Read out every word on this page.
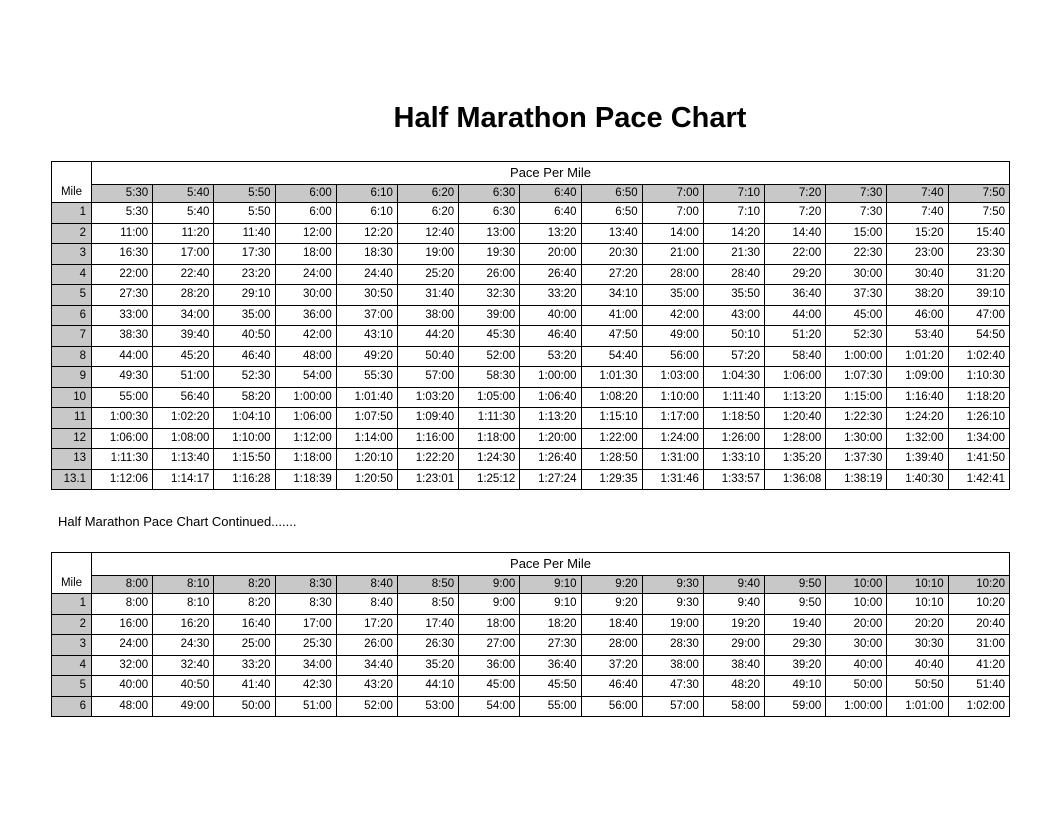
Half Marathon Pace Chart
Mile	Pace Per Mile														
	5:30	5:40	5:50	6:00	6:10	6:20	6:30	6:40	6:50	7:00	7:10	7:20	7:30	7:40	7:50
1	5:30	5:40	5:50	6:00	6:10	6:20	6:30	6:40	6:50	7:00	7:10	7:20	7:30	7:40	7:50
2	11:00	11:20	11:40	12:00	12:20	12:40	13:00	13:20	13:40	14:00	14:20	14:40	15:00	15:20	15:40
3	16:30	17:00	17:30	18:00	18:30	19:00	19:30	20:00	20:30	21:00	21:30	22:00	22:30	23:00	23:30
4	22:00	22:40	23:20	24:00	24:40	25:20	26:00	26:40	27:20	28:00	28:40	29:20	30:00	30:40	31:20
5	27:30	28:20	29:10	30:00	30:50	31:40	32:30	33:20	34:10	35:00	35:50	36:40	37:30	38:20	39:10
6	33:00	34:00	35:00	36:00	37:00	38:00	39:00	40:00	41:00	42:00	43:00	44:00	45:00	46:00	47:00
7	38:30	39:40	40:50	42:00	43:10	44:20	45:30	46:40	47:50	49:00	50:10	51:20	52:30	53:40	54:50
8	44:00	45:20	46:40	48:00	49:20	50:40	52:00	53:20	54:40	56:00	57:20	58:40	1:00:00	1:01:20	1:02:40
9	49:30	51:00	52:30	54:00	55:30	57:00	58:30	1:00:00	1:01:30	1:03:00	1:04:30	1:06:00	1:07:30	1:09:00	1:10:30
10	55:00	56:40	58:20	1:00:00	1:01:40	1:03:20	1:05:00	1:06:40	1:08:20	1:10:00	1:11:40	1:13:20	1:15:00	1:16:40	1:18:20
11	1:00:30	1:02:20	1:04:10	1:06:00	1:07:50	1:09:40	1:11:30	1:13:20	1:15:10	1:17:00	1:18:50	1:20:40	1:22:30	1:24:20	1:26:10
12	1:06:00	1:08:00	1:10:00	1:12:00	1:14:00	1:16:00	1:18:00	1:20:00	1:22:00	1:24:00	1:26:00	1:28:00	1:30:00	1:32:00	1:34:00
13	1:11:30	1:13:40	1:15:50	1:18:00	1:20:10	1:22:20	1:24:30	1:26:40	1:28:50	1:31:00	1:33:10	1:35:20	1:37:30	1:39:40	1:41:50
13.1	1:12:06	1:14:17	1:16:28	1:18:39	1:20:50	1:23:01	1:25:12	1:27:24	1:29:35	1:31:46	1:33:57	1:36:08	1:38:19	1:40:30	1:42:41
Half Marathon Pace Chart Continued.......
Mile	Pace Per Mile														
	8:00	8:10	8:20	8:30	8:40	8:50	9:00	9:10	9:20	9:30	9:40	9:50	10:00	10:10	10:20
1	8:00	8:10	8:20	8:30	8:40	8:50	9:00	9:10	9:20	9:30	9:40	9:50	10:00	10:10	10:20
2	16:00	16:20	16:40	17:00	17:20	17:40	18:00	18:20	18:40	19:00	19:20	19:40	20:00	20:20	20:40
3	24:00	24:30	25:00	25:30	26:00	26:30	27:00	27:30	28:00	28:30	29:00	29:30	30:00	30:30	31:00
4	32:00	32:40	33:20	34:00	34:40	35:20	36:00	36:40	37:20	38:00	38:40	39:20	40:00	40:40	41:20
5	40:00	40:50	41:40	42:30	43:20	44:10	45:00	45:50	46:40	47:30	48:20	49:10	50:00	50:50	51:40
6	48:00	49:00	50:00	51:00	52:00	53:00	54:00	55:00	56:00	57:00	58:00	59:00	1:00:00	1:01:00	1:02:00
